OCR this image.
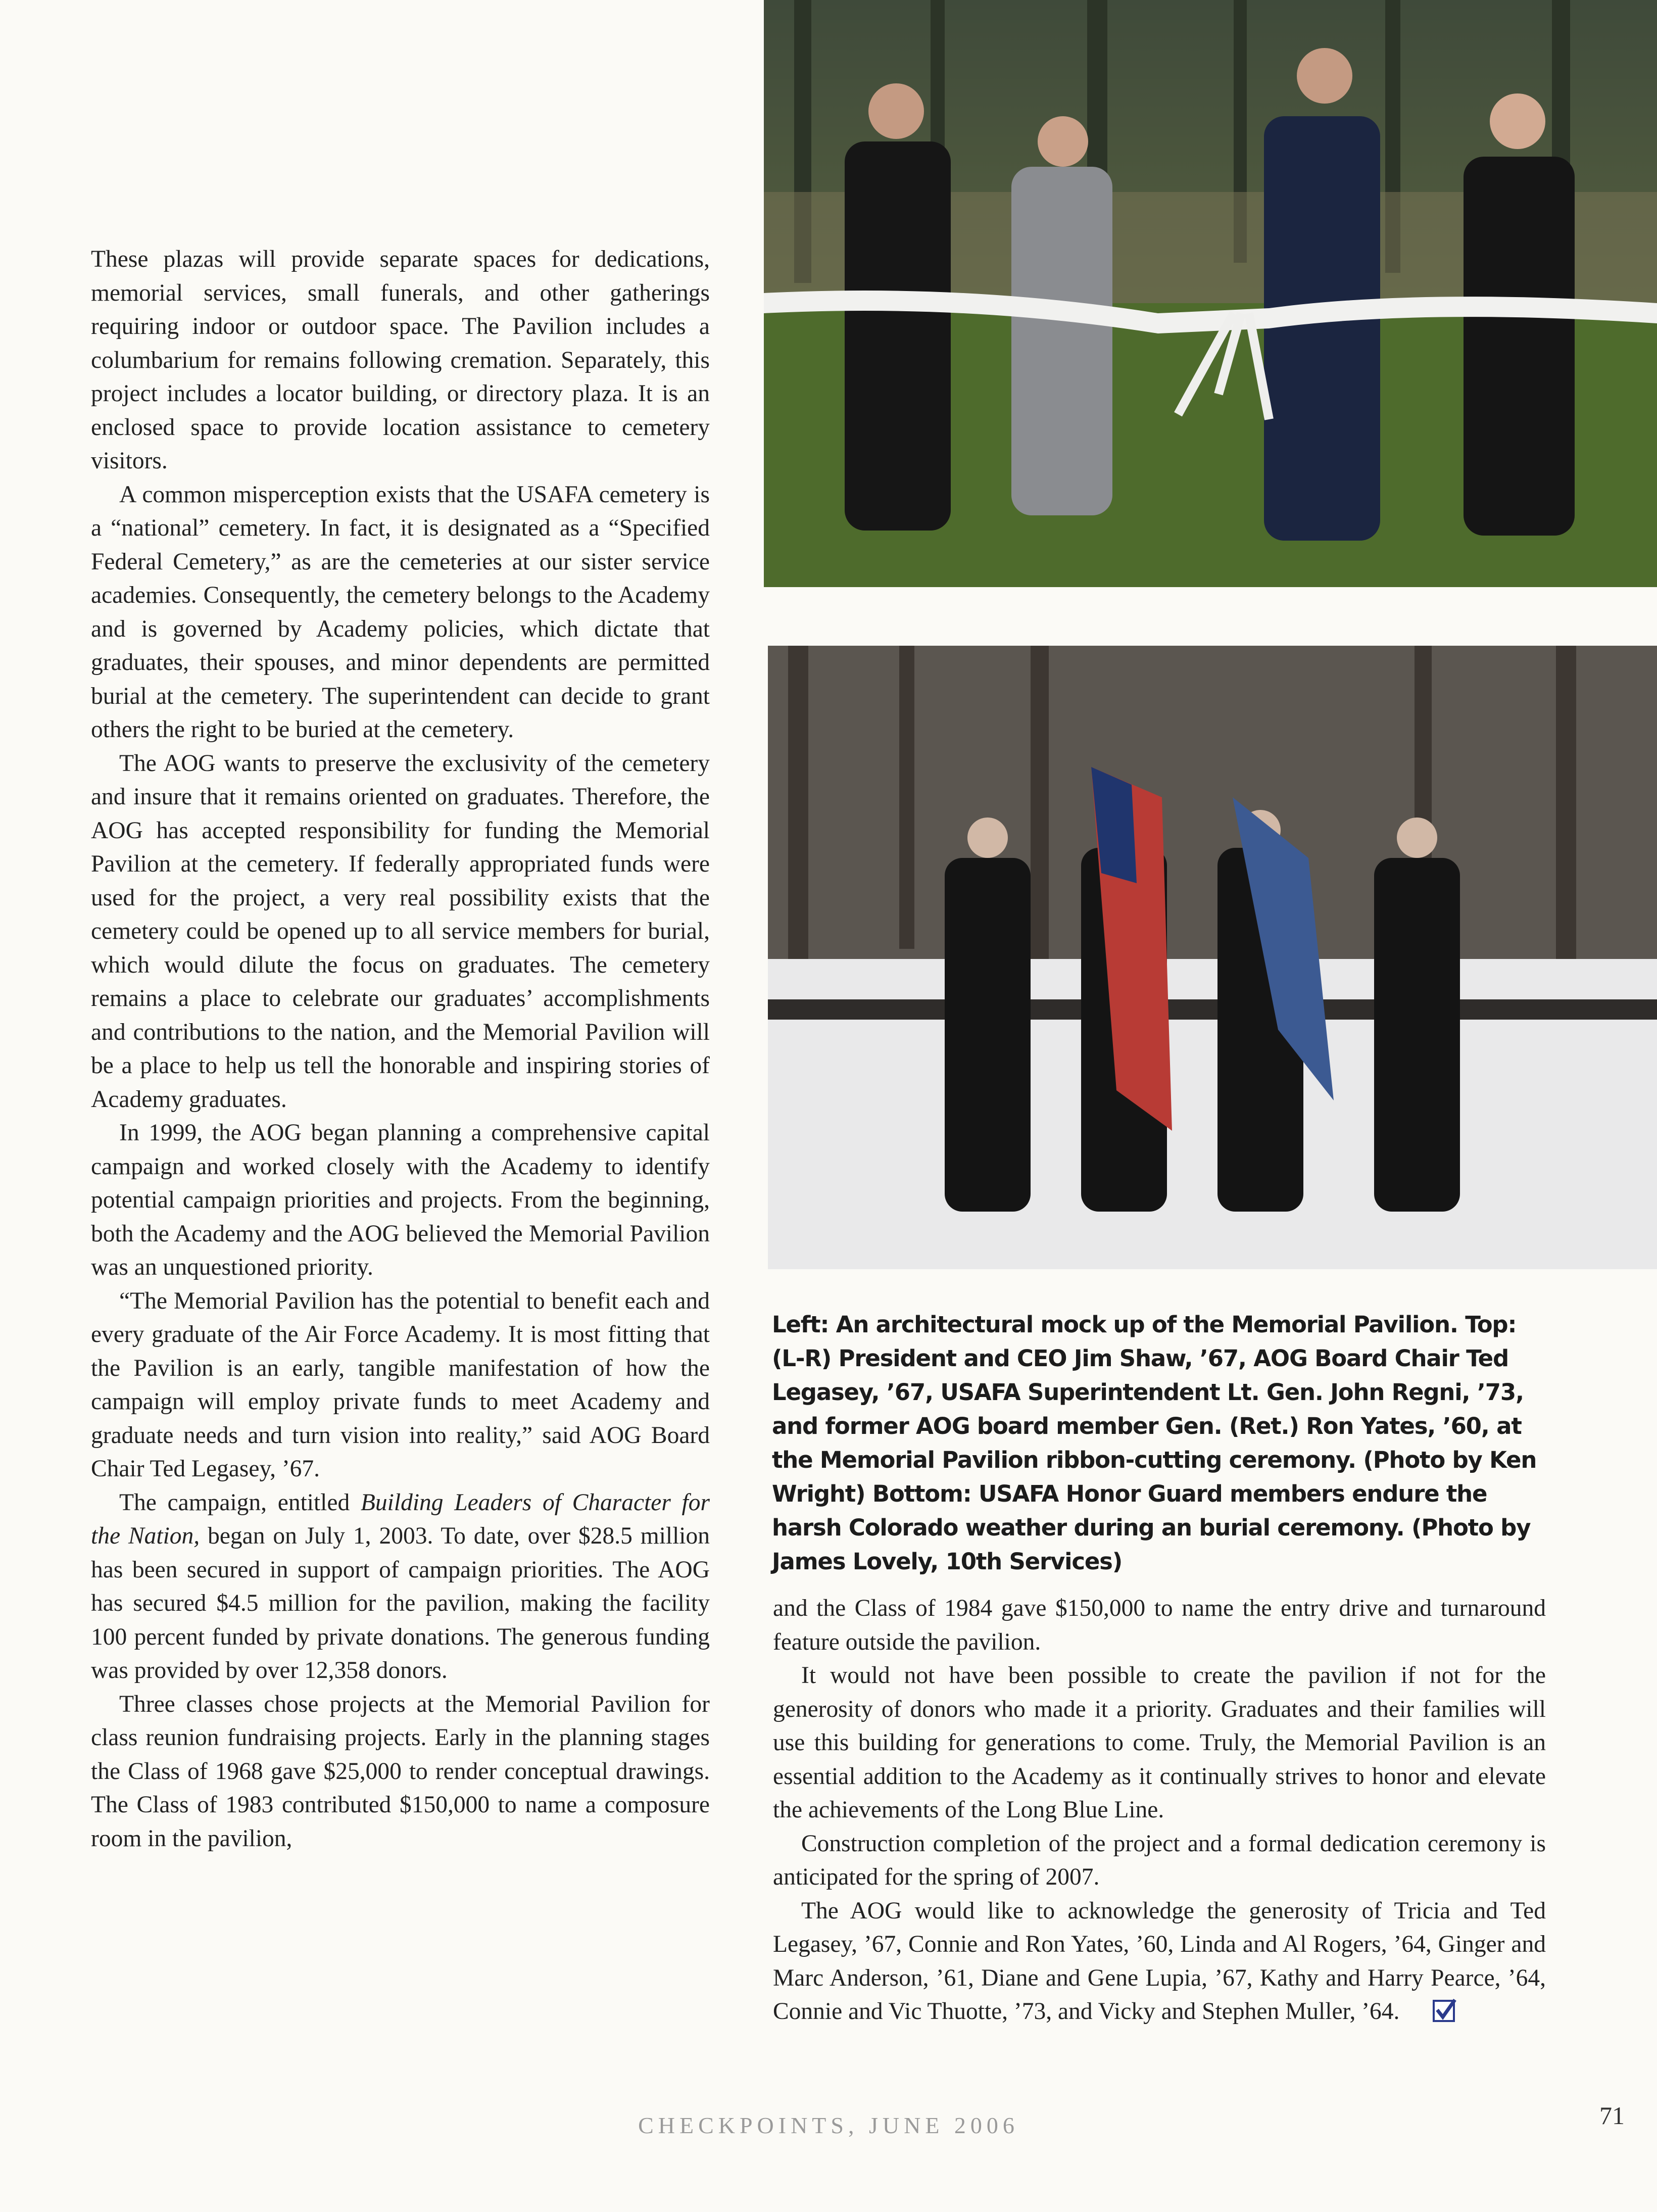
These plazas will provide separate spaces for dedications, memorial services, small funerals, and other gatherings requiring indoor or outdoor space. The Pavilion includes a columbarium for remains following cremation. Separately, this project includes a locator building, or directory plaza. It is an enclosed space to provide location assistance to cemetery visitors.

A common misperception exists that the USAFA cemetery is a “national” cemetery. In fact, it is designated as a “Specified Federal Cemetery,” as are the cemeteries at our sister service academies. Consequently, the cemetery belongs to the Academy and is governed by Academy policies, which dictate that graduates, their spouses, and minor dependents are permitted burial at the cemetery. The superintendent can decide to grant others the right to be buried at the cemetery.

The AOG wants to preserve the exclusivity of the cemetery and insure that it remains oriented on graduates. Therefore, the AOG has accepted responsibility for funding the Memorial Pavilion at the cemetery. If federally appropriated funds were used for the project, a very real possibility exists that the cemetery could be opened up to all service members for burial, which would dilute the focus on graduates. The cemetery remains a place to celebrate our graduates’ accomplishments and contributions to the nation, and the Memorial Pavilion will be a place to help us tell the honorable and inspiring stories of Academy graduates.

In 1999, the AOG began planning a comprehensive capital campaign and worked closely with the Academy to identify potential campaign priorities and projects. From the beginning, both the Academy and the AOG believed the Memorial Pavilion was an unquestioned priority.

“The Memorial Pavilion has the potential to benefit each and every graduate of the Air Force Academy. It is most fitting that the Pavilion is an early, tangible manifestation of how the campaign will employ private funds to meet Academy and graduate needs and turn vision into reality,” said AOG Board Chair Ted Legasey, ’67.

The campaign, entitled Building Leaders of Character for the Nation, began on July 1, 2003. To date, over $28.5 million has been secured in support of campaign priorities. The AOG has secured $4.5 million for the pavilion, making the facility 100 percent funded by private donations. The generous funding was provided by over 12,358 donors.

Three classes chose projects at the Memorial Pavilion for class reunion fundraising projects. Early in the planning stages the Class of 1968 gave $25,000 to render conceptual drawings. The Class of 1983 contributed $150,000 to name a composure room in the pavilion,

Left: An architectural mock up of the Memorial Pavilion. Top: (L-R) President and CEO Jim Shaw, ’67, AOG Board Chair Ted Legasey, ’67, USAFA Superintendent Lt. Gen. John Regni, ’73, and former AOG board member Gen. (Ret.) Ron Yates, ’60, at the Memorial Pavilion ribbon-cutting ceremony. (Photo by Ken Wright) Bottom: USAFA Honor Guard members endure the harsh Colorado weather during an burial ceremony. (Photo by James Lovely, 10th Services)

and the Class of 1984 gave $150,000 to name the entry drive and turnaround feature outside the pavilion.

It would not have been possible to create the pavilion if not for the generosity of donors who made it a priority. Graduates and their families will use this building for generations to come. Truly, the Memorial Pavilion is an essential addition to the Academy as it continually strives to honor and elevate the achievements of the Long Blue Line.

Construction completion of the project and a formal dedication ceremony is anticipated for the spring of 2007.

The AOG would like to acknowledge the generosity of Tricia and Ted Legasey, ’67, Connie and Ron Yates, ’60, Linda and Al Rogers, ’64, Ginger and Marc Anderson, ’61, Diane and Gene Lupia, ’67, Kathy and Harry Pearce, ’64, Connie and Vic Thuotte, ’73, and Vicky and Stephen Muller, ’64.

CHECKPOINTS, JUNE 2006	71
